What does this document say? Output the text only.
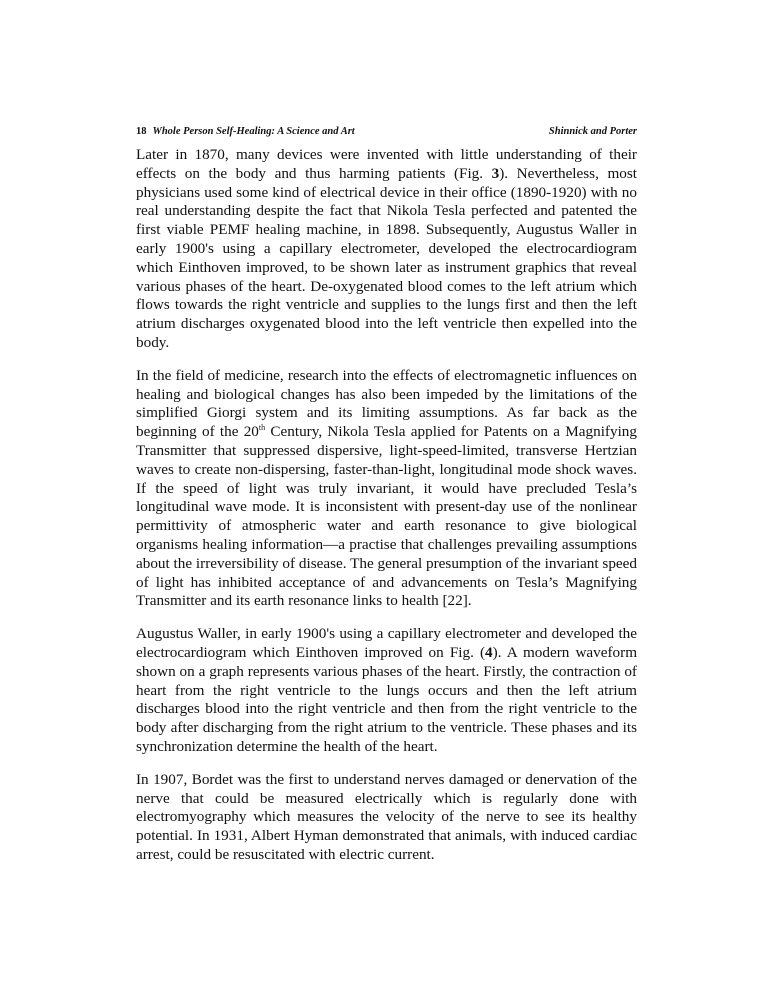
18 Whole Person Self-Healing: A Science and Art	Shinnick and Porter

Later in 1870, many devices were invented with little understanding of their effects on the body and thus harming patients (Fig. 3). Nevertheless, most physicians used some kind of electrical device in their office (1890-1920) with no real understanding despite the fact that Nikola Tesla perfected and patented the first viable PEMF healing machine, in 1898. Subsequently, Augustus Waller in early 1900's using a capillary electrometer, developed the electrocardiogram which Einthoven improved, to be shown later as instrument graphics that reveal various phases of the heart. De-oxygenated blood comes to the left atrium which flows towards the right ventricle and supplies to the lungs first and then the left atrium discharges oxygenated blood into the left ventricle then expelled into the body.

In the field of medicine, research into the effects of electromagnetic influences on healing and biological changes has also been impeded by the limitations of the simplified Giorgi system and its limiting assumptions. As far back as the beginning of the 20th Century, Nikola Tesla applied for Patents on a Magnifying Transmitter that suppressed dispersive, light-speed-limited, transverse Hertzian waves to create non-dispersing, faster-than-light, longitudinal mode shock waves. If the speed of light was truly invariant, it would have precluded Tesla’s longitudinal wave mode. It is inconsistent with present-day use of the nonlinear permittivity of atmospheric water and earth resonance to give biological organisms healing information—a practise that challenges prevailing assumptions about the irreversibility of disease. The general presumption of the invariant speed of light has inhibited acceptance of and advancements on Tesla’s Magnifying Transmitter and its earth resonance links to health [22].

Augustus Waller, in early 1900's using a capillary electrometer and developed the electrocardiogram which Einthoven improved on Fig. (4). A modern waveform shown on a graph represents various phases of the heart. Firstly, the contraction of heart from the right ventricle to the lungs occurs and then the left atrium discharges blood into the right ventricle and then from the right ventricle to the body after discharging from the right atrium to the ventricle. These phases and its synchronization determine the health of the heart.

In 1907, Bordet was the first to understand nerves damaged or denervation of the nerve that could be measured electrically which is regularly done with electromyography which measures the velocity of the nerve to see its healthy potential. In 1931, Albert Hyman demonstrated that animals, with induced cardiac arrest, could be resuscitated with electric current.
